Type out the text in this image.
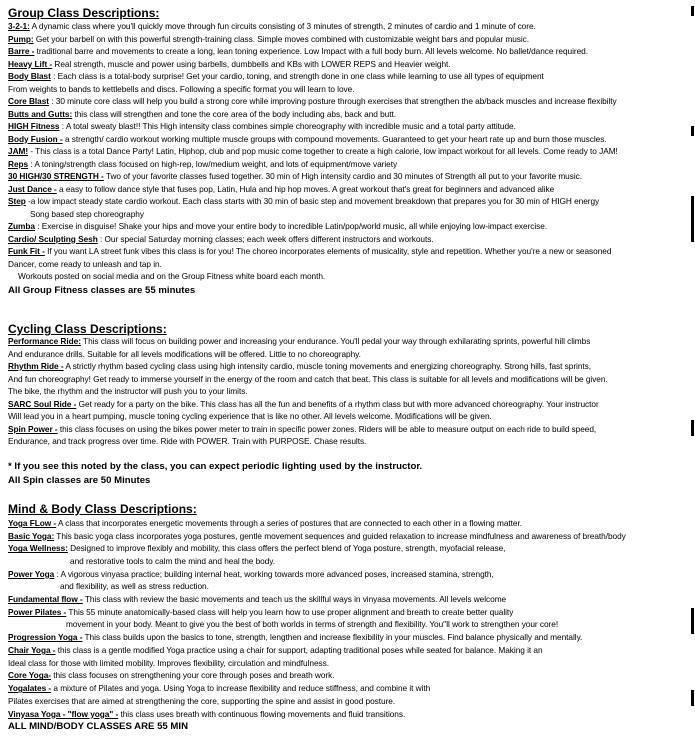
Group Class Descriptions:

3-2-1: A dynamic class where you'll quickly move through fun circuits consisting of 3 minutes of strength, 2 minutes of cardio and 1 minute of core.

Pump: Get your barbell on with this powerful strength-training class. Simple moves combined with customizable weight bars and popular music.

Barre - traditional barre and movements to create a long, lean toning experience. Low Impact with a full body burn. All levels welcome. No ballet/dance required.

Heavy Lift - Real strength, muscle and power using barbells, dumbbells and KBs with LOWER REPS and Heavier weight.

Body Blast : Each class is a total-body surprise! Get your cardio, toning, and strength done in one class while learning to use all types of equipment
From weights to bands to kettlebells and discs. Following a specific format you will learn to love.

Core Blast : 30 minute core class will help you build a strong core while improving posture through exercises that strengthen the ab/back muscles and increase flexibilty

Butts and Gutts: this class will strengthen and tone the core area of the body including abs, back and butt.

HIGH Fitness : A total sweaty blast!! This High intensity class combines simple choreography with incredible music and a total party attitude.

Body Fusion - a strength/ cardio workout working multiple muscle groups with compound movements. Guaranteed to get your heart rate up and burn those muscles.

JAM! - This class is a total Dance Party! Latin, Hiphop, club and pop music come together to create a high calorie, low impact workout for all levels. Come ready to JAM!

Reps : A toning/strength class focused on high-rep, low/medium weight, and lots of equipment/move variety

30 HIGH/30 STRENGTH - Two of your favorite classes fused together. 30 min of High intensity cardio and 30 minutes of Strength all put to your favorite music.

Just Dance - a easy to follow dance style that fuses pop, Latin, Hula and hip hop moves. A great workout that's great for beginners and advanced alike

Step -a low impact steady state cardio workout. Each class starts with 30 min of basic step and movement breakdown that prepares you for 30 min of HIGH energy
Song based step choreography

Zumba : Exercise in disguise! Shake your hips and move your entire body to incredible Latin/pop/world music, all while enjoying low-impact exercise.

Cardio/ Sculpting Sesh : Our special Saturday morning classes; each week offers different instructors and workouts.

Funk Fit - If you want LA street funk vibes this class is for you! The choreo incorporates elements of musicality, style and repetition. Whether you're a new or seasoned
Dancer, come ready to unleash and tap in.
Workouts posted on social media and on the Group Fitness white board each month.

All Group Fitness classes are 55 minutes

Cycling Class Descriptions:

Performance Ride: This class will focus on building power and increasing your endurance. You'll pedal your way through exhilarating sprints, powerful hill climbs
And endurance drills. Suitable for all levels modifications will be offered. Little to no choreography.

Rhythm Ride - A strictly rhythm based cycling class using high intensity cardio, muscle toning movements and energizing choreography. Strong hills, fast sprints,
And fun choreography! Get ready to immerse yourself in the energy of the room and catch that beat. This class is suitable for all levels and modifications will be given.
The bike, the rhythm and the instructor will push you to your limits.

SARC Soul Ride - Get ready for a party on the bike. This class has all the fun and benefits of a rhythm class but with more advanced choreography. Your instructor
Will lead you in a heart pumping, muscle toning cycling experience that is like no other. All levels welcome. Modifications will be given.

Spin Power - this class focuses on using the bikes power meter to train in specific power zones. Riders will be able to measure output on each ride to build speed,
Endurance, and track progress over time. Ride with POWER. Train with PURPOSE. Chase results.

* If you see this noted by the class, you can expect periodic lighting used by the instructor.

All Spin classes are 50 Minutes

Mind & Body Class Descriptions:

Yoga FLow - A class that incorporates energetic movements through a series of postures that are connected to each other in a flowing matter.

Basic Yoga: This basic yoga class incorporates yoga postures, gentle movement sequences and guided relaxation to increase mindfulness and awareness of breath/body

Yoga Wellness: Designed to improve flexibly and mobility, this class offers the perfect blend of Yoga posture, strength, myofacial release,
and restorative tools to calm the mind and heal the body.

Power Yoga : A vigorous vinyasa practice; building internal heat, working towards more advanced poses, increased stamina, strength,
and flexibility, as well as stress reduction.

Fundamental flow - This class with review the basic movements and teach us the skillful ways in vinyasa movements. All levels welcome

Power Pilates - This 55 minute anatomically-based class will help you learn how to use proper alignment and breath to create better quality
movement in your body. Meant to give you the best of both worlds in terms of strength and flexibility. You''ll work to strengthen your core!

Progression Yoga - This class builds upon the basics to tone, strength, lengthen and increase flexibility in your muscles. Find balance physically and mentally.

Chair Yoga - this class is a gentle modified Yoga practice using a chair for support, adapting traditional poses while seated for balance. Making it an
Ideal class for those with limited mobility. Improves flexibility, circulation and mindfulness.

Core Yoga- this class focuses on strengthening your core through poses and breath work.

Yogalates - a mixture of Pilates and yoga. Using Yoga to increase flexibility and reduce stiffness, and combine it with
Pilates exercises that are aimed at strengthening the core, supporting the spine and assist in good posture.

Vinyasa Yoga - "flow yoga" - this class uses breath with continuous flowing movements and fluid transitions.

ALL MIND/BODY CLASSES ARE 55 MIN
